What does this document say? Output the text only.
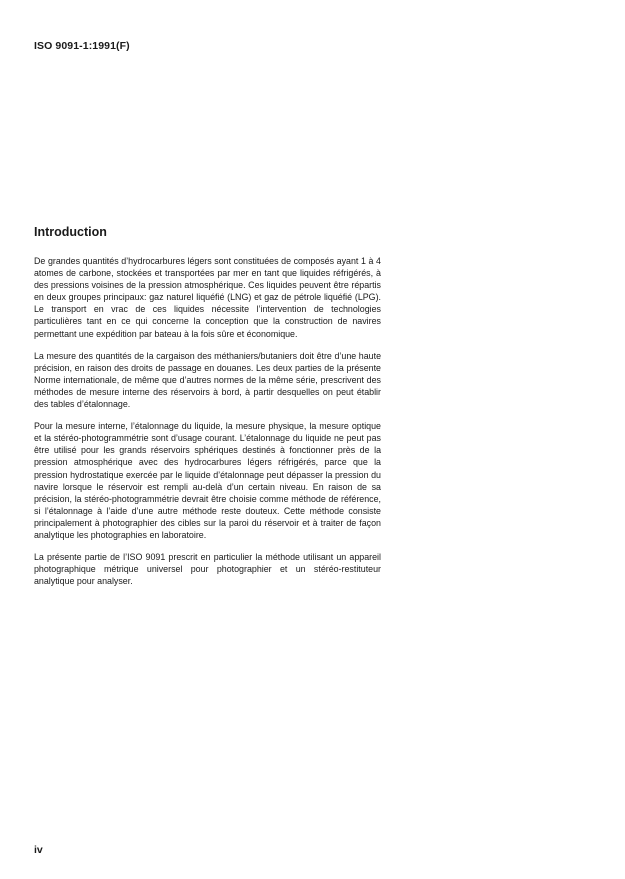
ISO 9091-1:1991(F)
Introduction

De grandes quantités d’hydrocarbures légers sont constituées de composés ayant 1 à 4 atomes de carbone, stockées et transportées par mer en tant que liquides réfrigérés, à des pressions voisines de la pression atmosphérique. Ces liquides peuvent être répartis en deux groupes principaux: gaz naturel liquéfié (LNG) et gaz de pétrole liquéfié (LPG). Le transport en vrac de ces liquides nécessite l’intervention de technologies particulières tant en ce qui concerne la conception que la construction de navires permettant une expédition par bateau à la fois sûre et économique.

La mesure des quantités de la cargaison des méthaniers/butaniers doit être d’une haute précision, en raison des droits de passage en douanes. Les deux parties de la présente Norme internationale, de même que d’autres normes de la même série, prescrivent des méthodes de mesure interne des réservoirs à bord, à partir desquelles on peut établir des tables d’étalonnage.

Pour la mesure interne, l’étalonnage du liquide, la mesure physique, la mesure optique et la stéréo-photogrammétrie sont d’usage courant. L’étalonnage du liquide ne peut pas être utilisé pour les grands réservoirs sphériques destinés à fonctionner près de la pression atmosphérique avec des hydrocarbures légers réfrigérés, parce que la pression hydrostatique exercée par le liquide d’étalonnage peut dépasser la pression du navire lorsque le réservoir est rempli au-delà d’un certain niveau. En raison de sa précision, la stéréo-photogrammétrie devrait être choisie comme méthode de référence, si l’étalonnage à l’aide d’une autre méthode reste douteux. Cette méthode consiste principalement à photographier des cibles sur la paroi du réservoir et à traiter de façon analytique les photographies en laboratoire.

La présente partie de l’ISO 9091 prescrit en particulier la méthode utilisant un appareil photographique métrique universel pour photographier et un stéréo-restituteur analytique pour analyser.

iv
